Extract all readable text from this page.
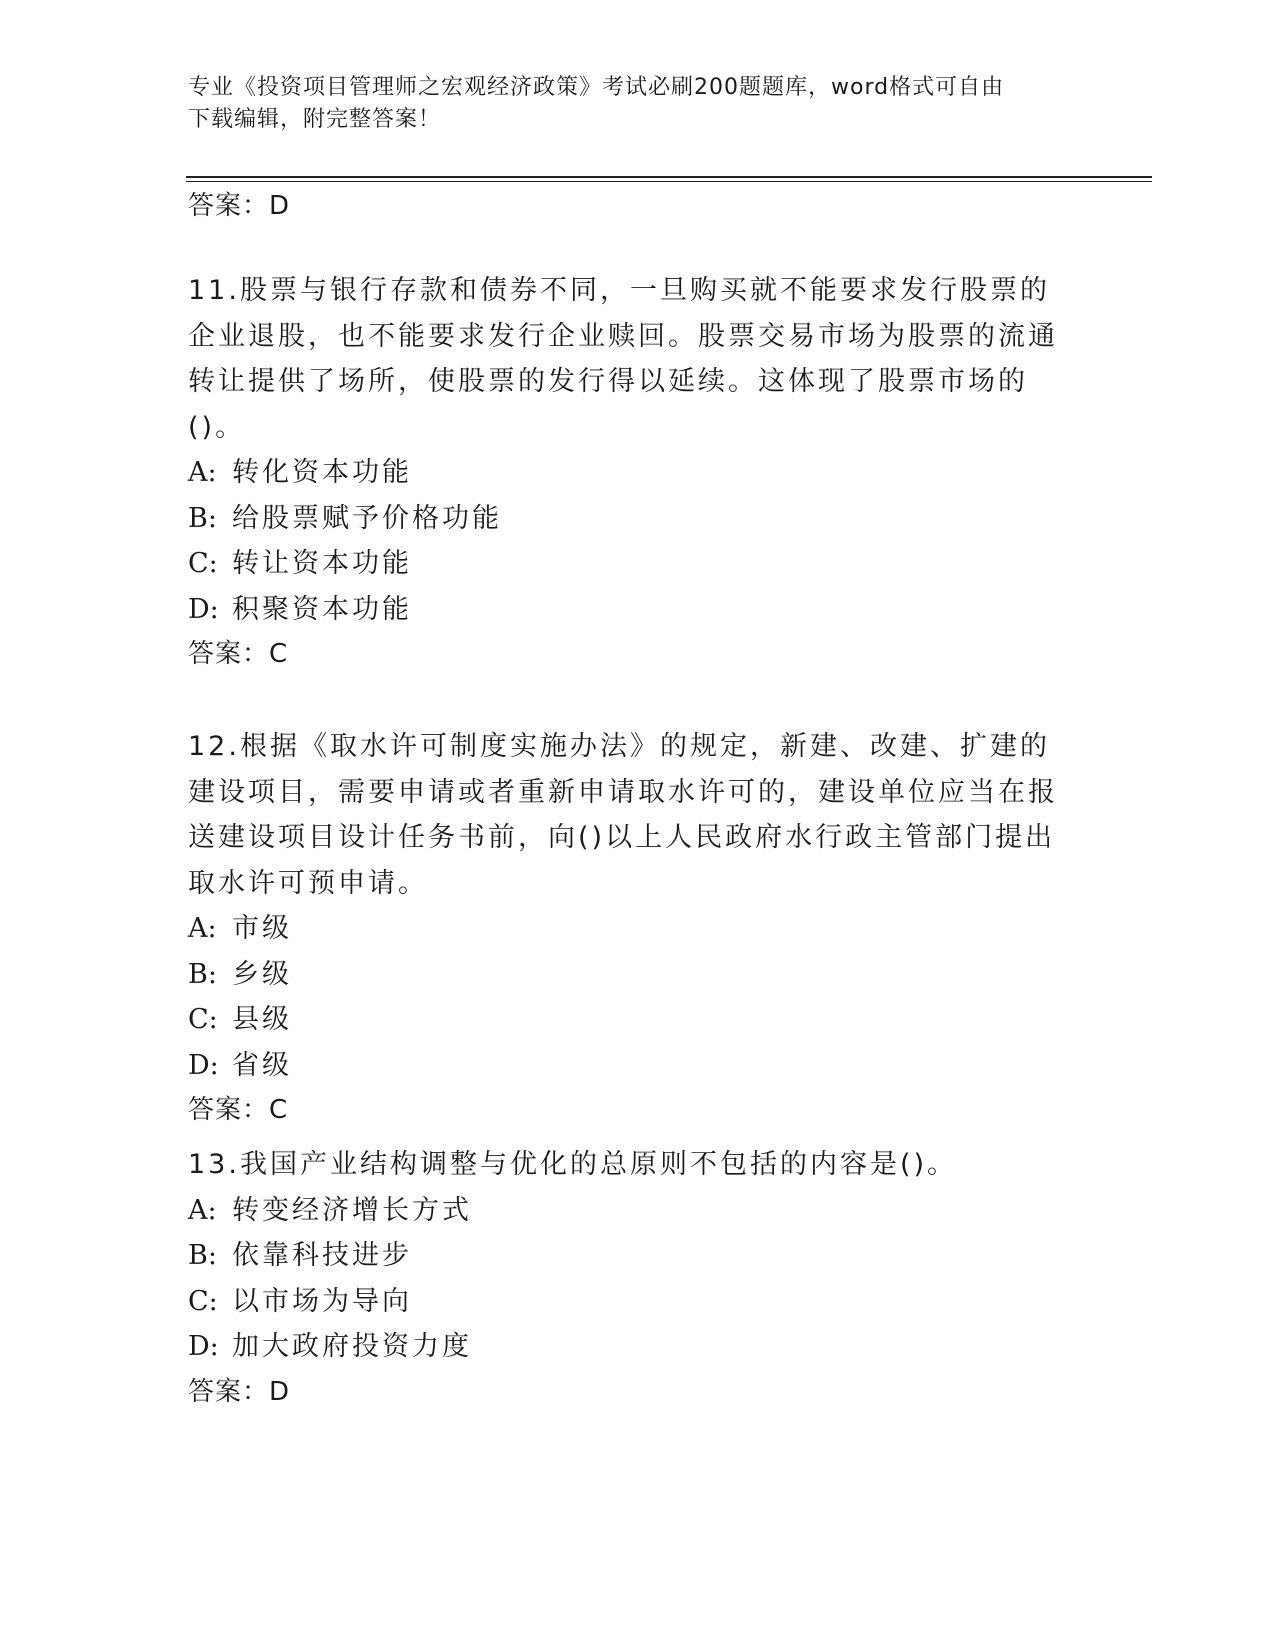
专业《投资项目管理师之宏观经济政策》考试必刷200题题库，word格式可自由
下载编辑，附完整答案！
答案：D

11.股票与银行存款和债券不同，一旦购买就不能要求发行股票的企业退股，也不能要求发行企业赎回。股票交易市场为股票的流通转让提供了场所，使股票的发行得以延续。这体现了股票市场的()。

A: 转化资本功能

B: 给股票赋予价格功能

C: 转让资本功能

D: 积聚资本功能

答案：C

12.根据《取水许可制度实施办法》的规定，新建、改建、扩建的建设项目，需要申请或者重新申请取水许可的，建设单位应当在报送建设项目设计任务书前，向()以上人民政府水行政主管部门提出取水许可预申请。

A: 市级

B: 乡级

C: 县级

D: 省级

答案：C

13.我国产业结构调整与优化的总原则不包括的内容是()。

A: 转变经济增长方式

B: 依靠科技进步

C: 以市场为导向

D: 加大政府投资力度

答案：D
